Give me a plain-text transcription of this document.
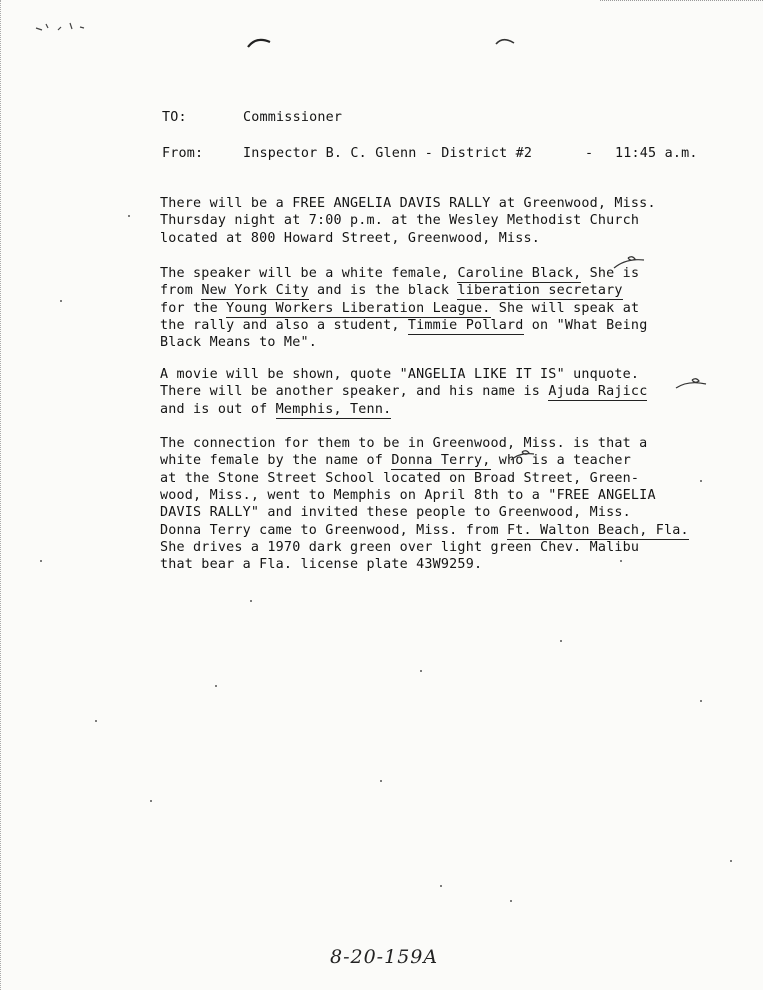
TO:	Commissioner
From:	Inspector B. C. Glenn - District #2	- 11:45 a.m.
There will be a FREE ANGELIA DAVIS RALLY at Greenwood, Miss.
Thursday night at 7:00 p.m. at the Wesley Methodist Church
located at 800 Howard Street, Greenwood, Miss.
The speaker will be a white female, Caroline Black, She is
from New York City and is the black liberation secretary
for the Young Workers Liberation League. She will speak at
the rally and also a student, Timmie Pollard on "What Being
Black Means to Me".
A movie will be shown, quote "ANGELIA LIKE IT IS" unquote.
There will be another speaker, and his name is Ajuda Rajicc
and is out of Memphis, Tenn.
The connection for them to be in Greenwood, Miss. is that a
white female by the name of Donna Terry, who is a teacher
at the Stone Street School located on Broad Street, Green-
wood, Miss., went to Memphis on April 8th to a "FREE ANGELIA
DAVIS RALLY" and invited these people to Greenwood, Miss.
Donna Terry came to Greenwood, Miss. from Ft. Walton Beach, Fla.
She drives a 1970 dark green over light green Chev. Malibu
that bear a Fla. license plate 43W9259.
8-20-159A
